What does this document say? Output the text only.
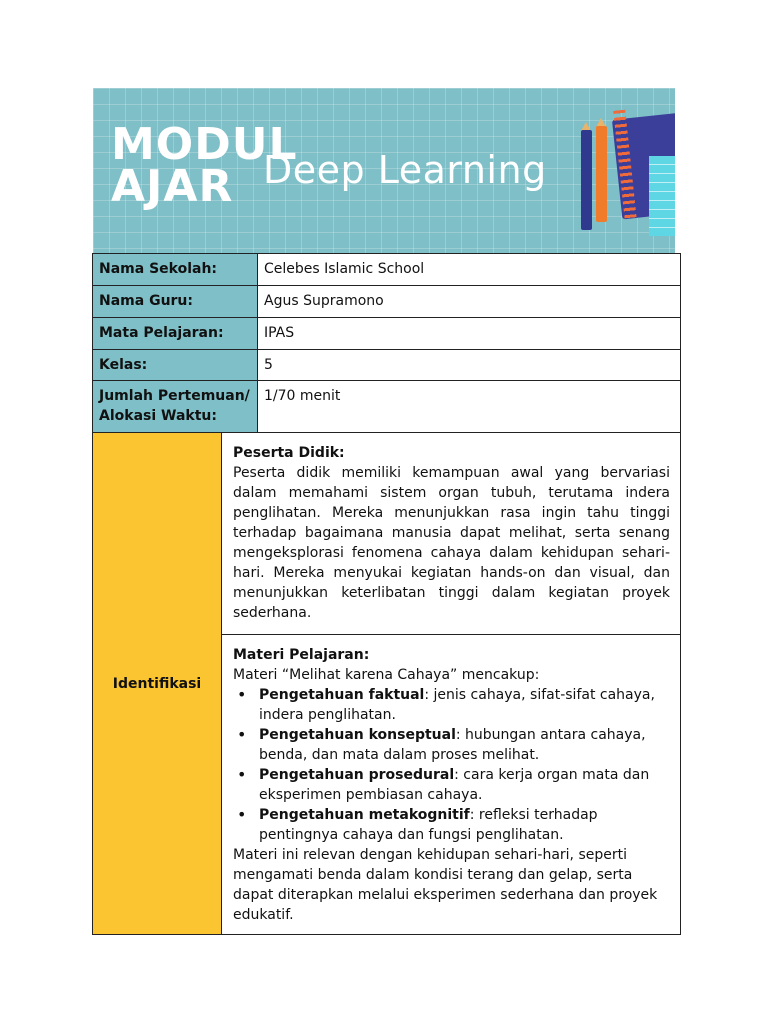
MODUL
AJAR Deep Learning
Nama Sekolah:	Celebes Islamic School
Nama Guru:	Agus Supramono
Mata Pelajaran:	IPAS
Kelas:	5

Jumlah Pertemuan/
Alokasi Waktu:	1/70 menit
Identifikasi	
Peserta Didik:
Peserta didik memiliki kemampuan awal yang bervariasi dalam memahami sistem organ tubuh, terutama indera penglihatan. Mereka menunjukkan rasa ingin tahu tinggi terhadap bagaimana manusia dapat melihat, serta senang mengeksplorasi fenomena cahaya dalam kehidupan sehari-hari. Mereka menyukai kegiatan hands-on dan visual, dan menunjukkan keterlibatan tinggi dalam kegiatan proyek sederhana.

Materi Pelajaran:
Materi “Melihat karena Cahaya” mencakup:
• Pengetahuan faktual: jenis cahaya, sifat-sifat cahaya, indera penglihatan.
• Pengetahuan konseptual: hubungan antara cahaya, benda, dan mata dalam proses melihat.
• Pengetahuan prosedural: cara kerja organ mata dan eksperimen pembiasan cahaya.
• Pengetahuan metakognitif: refleksi terhadap pentingnya cahaya dan fungsi penglihatan.
Materi ini relevan dengan kehidupan sehari-hari, seperti mengamati benda dalam kondisi terang dan gelap, serta dapat diterapkan melalui eksperimen sederhana dan proyek edukatif.
